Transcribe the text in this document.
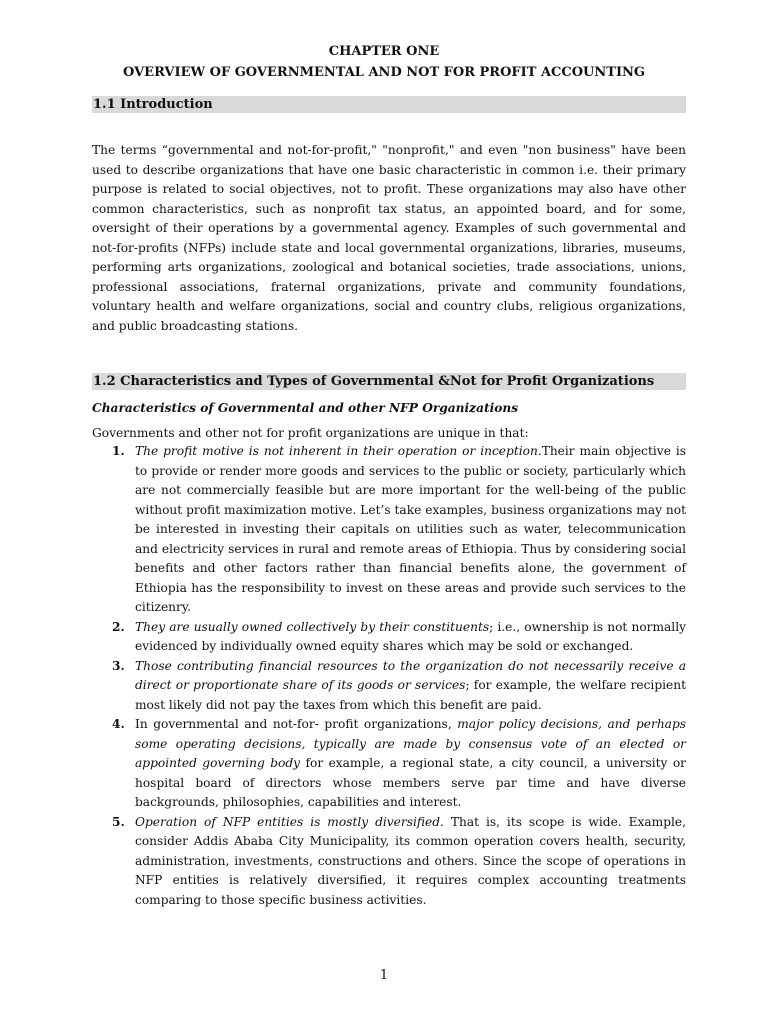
CHAPTER ONE
OVERVIEW OF GOVERNMENTAL AND NOT FOR PROFIT ACCOUNTING
1.1 Introduction
The terms “governmental and not-for-profit," "nonprofit," and even "non business" have been used to describe organizations that have one basic characteristic in common i.e. their primary purpose is related to social objectives, not to profit. These organizations may also have other common characteristics, such as nonprofit tax status, an appointed board, and for some, oversight of their operations by a governmental agency. Examples of such governmental and not-for-profits (NFPs) include state and local governmental organizations, libraries, museums, performing arts organizations, zoological and botanical societies, trade associations, unions, professional associations, fraternal organizations, private and community foundations, voluntary health and welfare organizations, social and country clubs, religious organizations, and public broadcasting stations.
1.2 Characteristics and Types of Governmental &Not for Profit Organizations
Characteristics of Governmental and other NFP Organizations
Governments and other not for profit organizations are unique in that:
1. The profit motive is not inherent in their operation or inception.Their main objective is to provide or render more goods and services to the public or society, particularly which are not commercially feasible but are more important for the well-being of the public without profit maximization motive. Let’s take examples, business organizations may not be interested in investing their capitals on utilities such as water, telecommunication and electricity services in rural and remote areas of Ethiopia. Thus by considering social benefits and other factors rather than financial benefits alone, the government of Ethiopia has the responsibility to invest on these areas and provide such services to the citizenry.
2. They are usually owned collectively by their constituents; i.e., ownership is not normally evidenced by individually owned equity shares which may be sold or exchanged.
3. Those contributing financial resources to the organization do not necessarily receive a direct or proportionate share of its goods or services; for example, the welfare recipient most likely did not pay the taxes from which this benefit are paid.
4. In governmental and not-for- profit organizations, major policy decisions, and perhaps some operating decisions, typically are made by consensus vote of an elected or appointed governing body for example, a regional state, a city council, a university or hospital board of directors whose members serve par time and have diverse backgrounds, philosophies, capabilities and interest.
5. Operation of NFP entities is mostly diversified. That is, its scope is wide. Example, consider Addis Ababa City Municipality, its common operation covers health, security, administration, investments, constructions and others. Since the scope of operations in NFP entities is relatively diversified, it requires complex accounting treatments comparing to those specific business activities.
1
